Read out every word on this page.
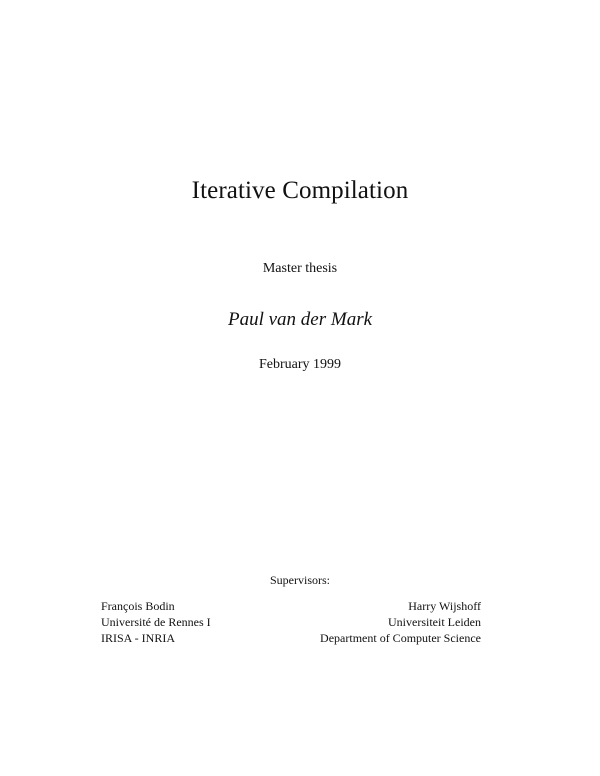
Iterative Compilation
Master thesis
Paul van der Mark
February 1999
Supervisors:
François Bodin
Université de Rennes I
IRISA - INRIA
Harry Wijshoff
Universiteit Leiden
Department of Computer Science
